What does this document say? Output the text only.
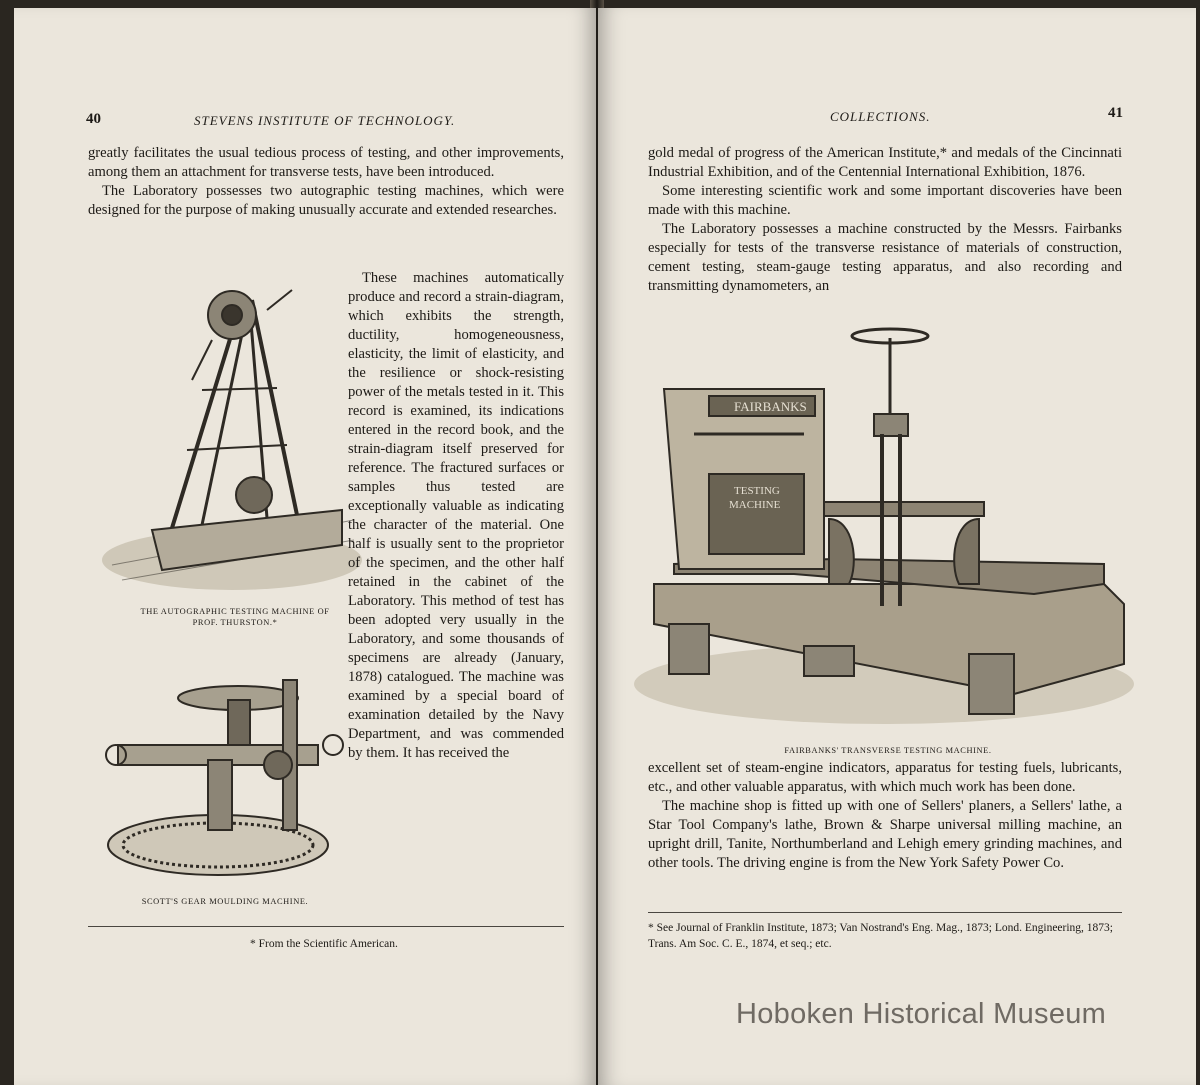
40	STEVENS INSTITUTE OF TECHNOLOGY.

greatly facilitates the usual tedious process of testing, and other improvements, among them an attachment for transverse tests, have been introduced.

The Laboratory possesses two autographic testing machines, which were designed for the purpose of making unusually accurate and extended researches.

THE AUTOGRAPHIC TESTING MACHINE OF
PROF. THURSTON.*
SCOTT'S GEAR MOULDING MACHINE.

These machines automatically produce and record a strain-diagram, which exhibits the strength, ductility, homogeneousness, elasticity, the limit of elasticity, and the resilience or shock-resisting power of the metals tested in it. This record is examined, its indications entered in the record book, and the strain-diagram itself preserved for reference. The fractured surfaces or samples thus tested are exceptionally valuable as indicating the character of the material. One half is usually sent to the proprietor of the specimen, and the other half retained in the cabinet of the Laboratory. This method of test has been adopted very usually in the Laboratory, and some thousands of specimens are already (January, 1878) catalogued. The machine was examined by a special board of examination detailed by the Navy Department, and was commended by them. It has received the

* From the Scientific American.
COLLECTIONS.	41

gold medal of progress of the American Institute,* and medals of the Cincinnati Industrial Exhibition, and of the Centennial International Exhibition, 1876.

Some interesting scientific work and some important discoveries have been made with this machine.

The Laboratory possesses a machine constructed by the Messrs. Fairbanks especially for tests of the transverse resistance of materials of construction, cement testing, steam-gauge testing apparatus, and also recording and transmitting dynamometers, an

FAIRBANKS
TESTING
MACHINE
FAIRBANKS' TRANSVERSE TESTING MACHINE.

excellent set of steam-engine indicators, apparatus for testing fuels, lubricants, etc., and other valuable apparatus, with which much work has been done.

The machine shop is fitted up with one of Sellers' planers, a Sellers' lathe, a Star Tool Company's lathe, Brown & Sharpe universal milling machine, an upright drill, Tanite, Northumberland and Lehigh emery grinding machines, and other tools. The driving engine is from the New York Safety Power Co.

* See Journal of Franklin Institute, 1873; Van Nostrand's Eng. Mag., 1873; Lond. Engineering, 1873; Trans. Am Soc. C. E., 1874, et seq.; etc.
Hoboken Historical Museum
